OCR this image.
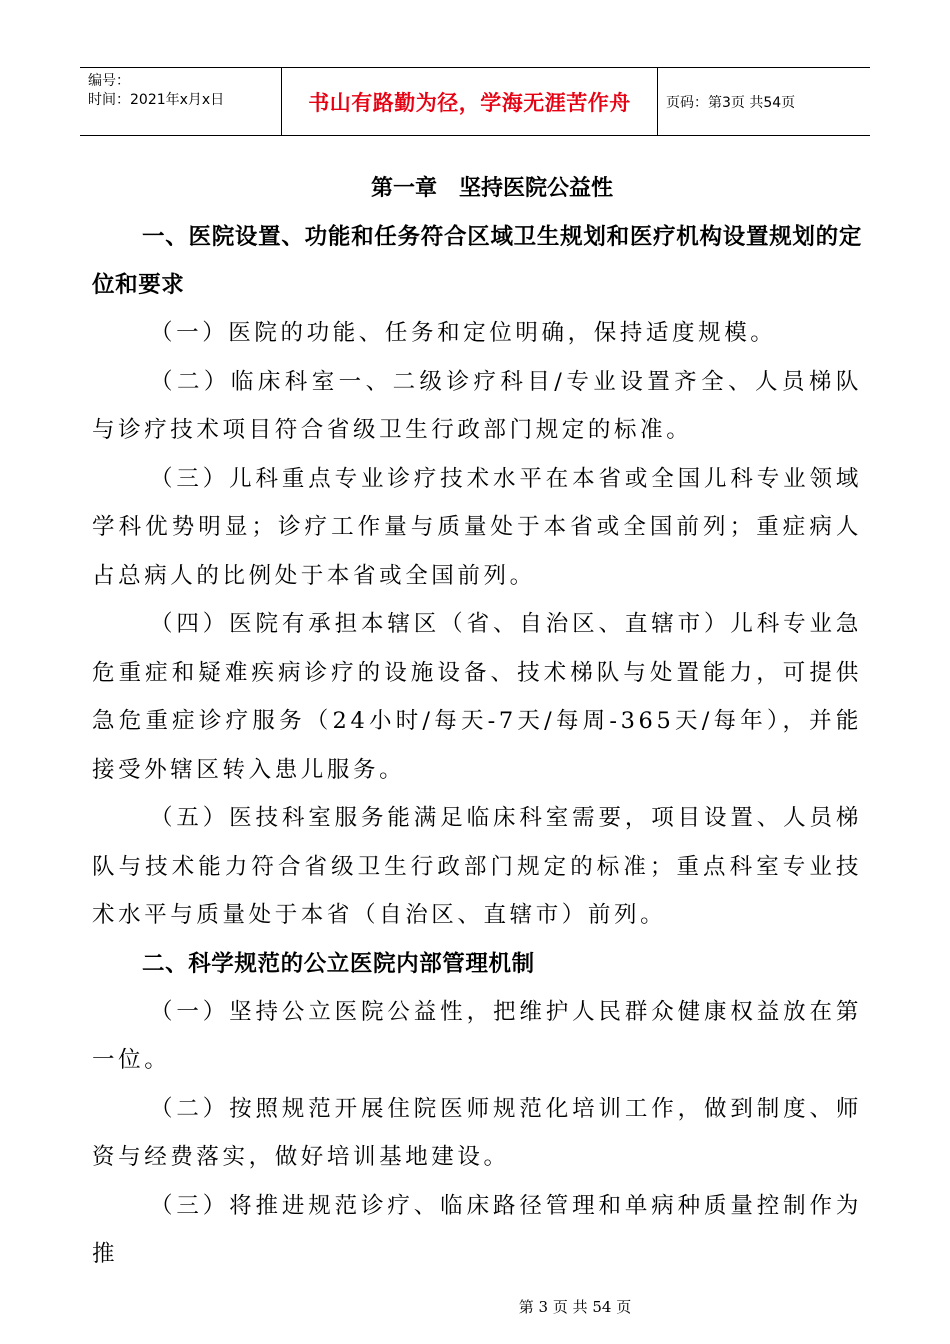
编号：
时间：2021年x月x日	书山有路勤为径，学海无涯苦作舟	页码：第3页 共54页
第一章　坚持医院公益性
一、医院设置、功能和任务符合区域卫生规划和医疗机构设置规划的定位和要求

（一）医院的功能、任务和定位明确，保持适度规模。

（二）临床科室一、二级诊疗科目/专业设置齐全、人员梯队与诊疗技术项目符合省级卫生行政部门规定的标准。

（三）儿科重点专业诊疗技术水平在本省或全国儿科专业领域学科优势明显；诊疗工作量与质量处于本省或全国前列；重症病人占总病人的比例处于本省或全国前列。

（四）医院有承担本辖区（省、自治区、直辖市）儿科专业急危重症和疑难疾病诊疗的设施设备、技术梯队与处置能力，可提供急危重症诊疗服务（24小时/每天-7天/每周-365天/每年），并能接受外辖区转入患儿服务。

（五）医技科室服务能满足临床科室需要，项目设置、人员梯队与技术能力符合省级卫生行政部门规定的标准；重点科室专业技术水平与质量处于本省（自治区、直辖市）前列。

二、科学规范的公立医院内部管理机制

（一）坚持公立医院公益性，把维护人民群众健康权益放在第一位。

（二）按照规范开展住院医师规范化培训工作，做到制度、师资与经费落实，做好培训基地建设。

（三）将推进规范诊疗、临床路径管理和单病种质量控制作为推

第 3 页 共 54 页
